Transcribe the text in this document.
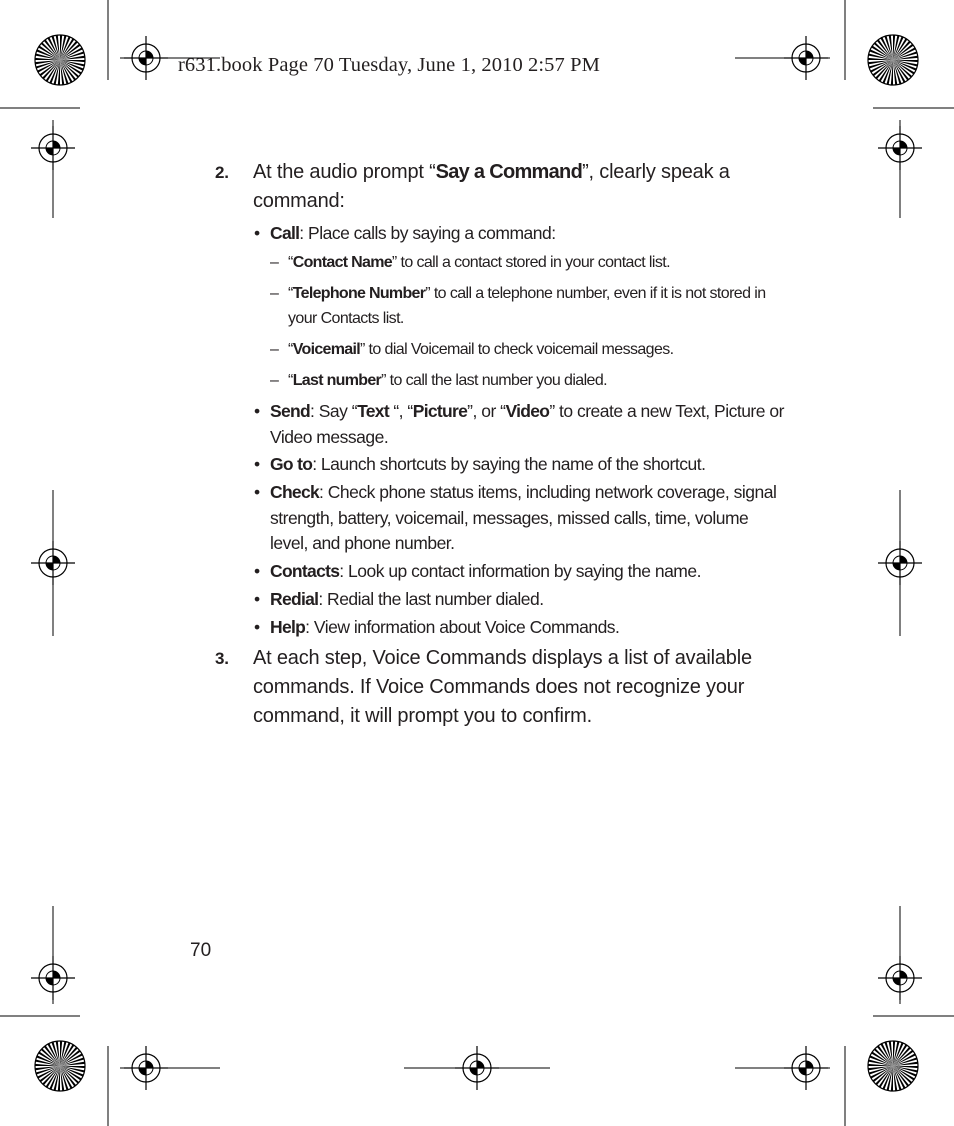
r631.book Page 70 Tuesday, June 1, 2010 2:57 PM
2. At the audio prompt “Say a Command”, clearly speak a command:
• Call: Place calls by saying a command:
– “Contact Name” to call a contact stored in your contact list.
– “Telephone Number” to call a telephone number, even if it is not stored in your Contacts list.
– “Voicemail” to dial Voicemail to check voicemail messages.
– “Last number” to call the last number you dialed.
• Send: Say “Text “, “Picture”, or “Video” to create a new Text, Picture or Video message.
• Go to: Launch shortcuts by saying the name of the shortcut.
• Check: Check phone status items, including network coverage, signal strength, battery, voicemail, messages, missed calls, time, volume level, and phone number.
• Contacts: Look up contact information by saying the name.
• Redial: Redial the last number dialed.
• Help: View information about Voice Commands.
3. At each step, Voice Commands displays a list of available commands. If Voice Commands does not recognize your command, it will prompt you to confirm.
70
